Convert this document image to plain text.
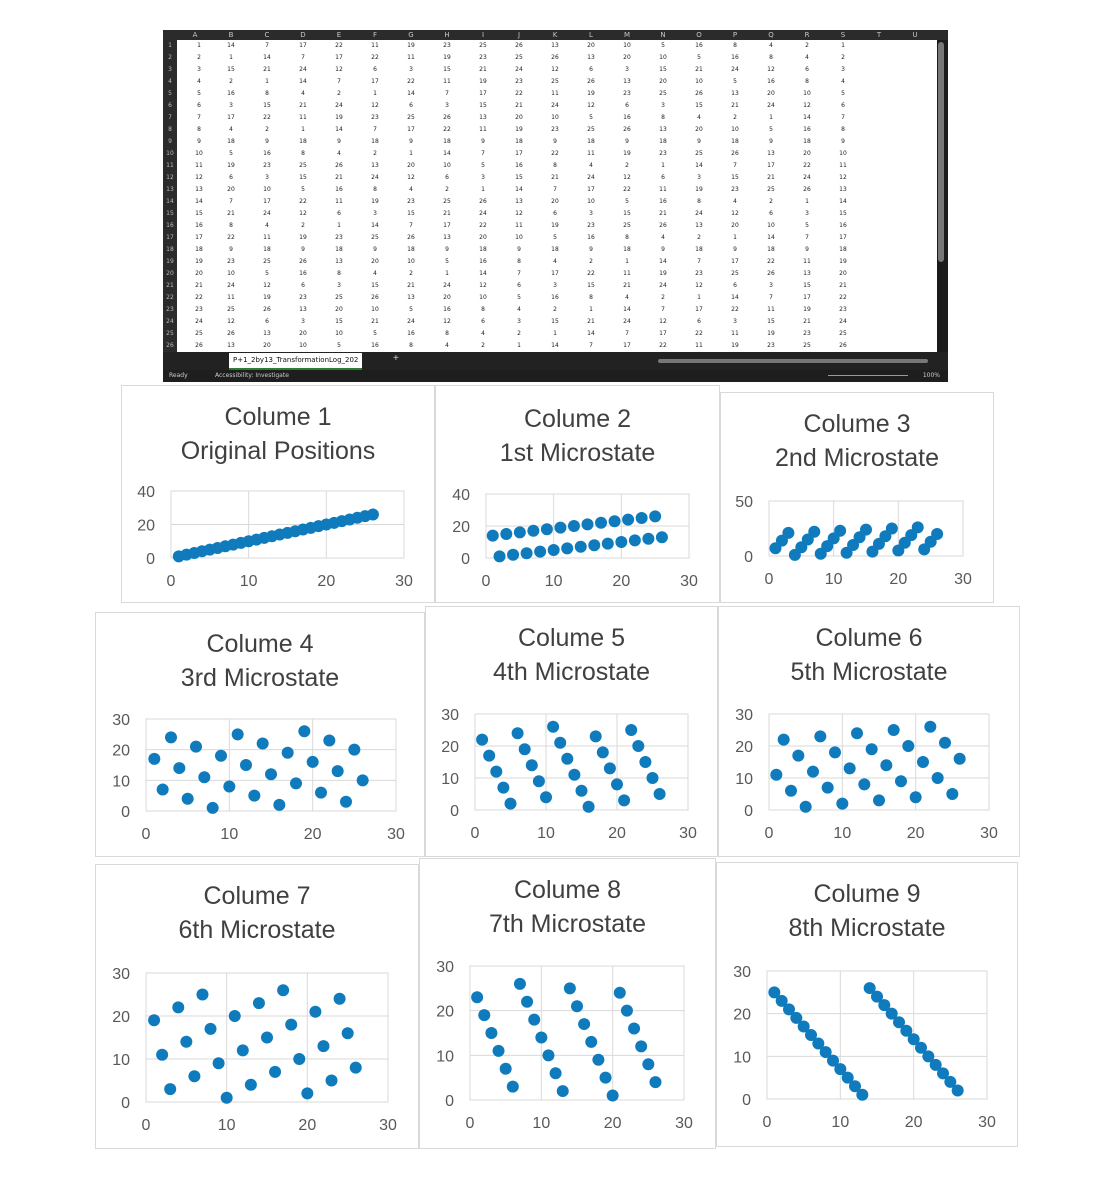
A	B	C	D	E	F	G	H	I	J	K	L	M	N	O	P	Q	R	S	T	U
1
2
3
4
5
6
7
8
9
10
11
12
13
14
15
16
17
18
19
20
21
22
23
24
25
26
1	14	7	17	22	11	19	23	25	26	13	20	10	5	16	8	4	2	1
2	1	14	7	17	22	11	19	23	25	26	13	20	10	5	16	8	4	2
3	15	21	24	12	6	3	15	21	24	12	6	3	15	21	24	12	6	3
4	2	1	14	7	17	22	11	19	23	25	26	13	20	10	5	16	8	4
5	16	8	4	2	1	14	7	17	22	11	19	23	25	26	13	20	10	5
6	3	15	21	24	12	6	3	15	21	24	12	6	3	15	21	24	12	6
7	17	22	11	19	23	25	26	13	20	10	5	16	8	4	2	1	14	7
8	4	2	1	14	7	17	22	11	19	23	25	26	13	20	10	5	16	8
9	18	9	18	9	18	9	18	9	18	9	18	9	18	9	18	9	18	9
10	5	16	8	4	2	1	14	7	17	22	11	19	23	25	26	13	20	10
11	19	23	25	26	13	20	10	5	16	8	4	2	1	14	7	17	22	11
12	6	3	15	21	24	12	6	3	15	21	24	12	6	3	15	21	24	12
13	20	10	5	16	8	4	2	1	14	7	17	22	11	19	23	25	26	13
14	7	17	22	11	19	23	25	26	13	20	10	5	16	8	4	2	1	14
15	21	24	12	6	3	15	21	24	12	6	3	15	21	24	12	6	3	15
16	8	4	2	1	14	7	17	22	11	19	23	25	26	13	20	10	5	16
17	22	11	19	23	25	26	13	20	10	5	16	8	4	2	1	14	7	17
18	9	18	9	18	9	18	9	18	9	18	9	18	9	18	9	18	9	18
19	23	25	26	13	20	10	5	16	8	4	2	1	14	7	17	22	11	19
20	10	5	16	8	4	2	1	14	7	17	22	11	19	23	25	26	13	20
21	24	12	6	3	15	21	24	12	6	3	15	21	24	12	6	3	15	21
22	11	19	23	25	26	13	20	10	5	16	8	4	2	1	14	7	17	22
23	25	26	13	20	10	5	16	8	4	2	1	14	7	17	22	11	19	23
24	12	6	3	15	21	24	12	6	3	15	21	24	12	6	3	15	21	24
25	26	13	20	10	5	16	8	4	2	1	14	7	17	22	11	19	23	25
26	13	20	10	5	16	8	4	2	1	14	7	17	22	11	19	23	25	26
P+1_2by13_TransformationLog_202	+
Ready	Accessibility: Investigate	100%
Colume 1
Original Positions
0	10	20	30
0
20
40
Colume 2
1st Microstate
0	10	20	30
0
20
40
Colume 3
2nd Microstate
0	10	20	30
0
50
Colume 4
3rd Microstate
0	10	20	30
0
10
20
30
Colume 5
4th Microstate
0	10	20	30
0
10
20
30
Colume 6
5th Microstate
0	10	20	30
0
10
20
30
Colume 7
6th Microstate
0	10	20	30
0
10
20
30
Colume 8
7th Microstate
0	10	20	30
0
10
20
30
Colume 9
8th Microstate
0	10	20	30
0
10
20
30
